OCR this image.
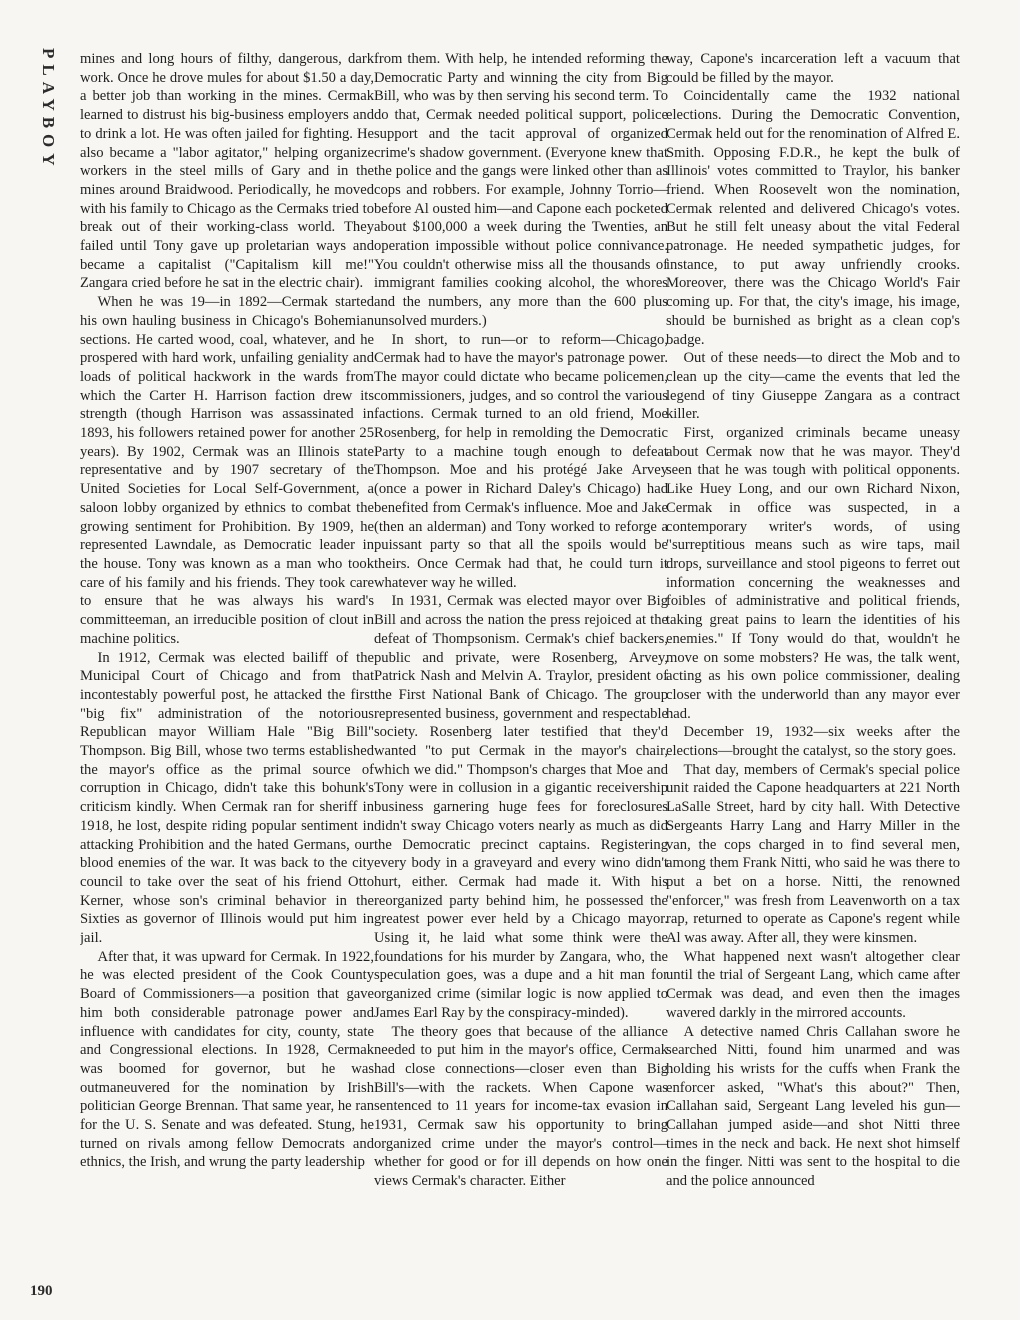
PLAYBOY mines and long hours of filthy, dangerous, dark work. Once he drove mules for about $1.50 a day, a better job than working in the mines. Cermak learned to distrust his big-business employers and to drink a lot. He was often jailed for fighting. He also became a "labor agitator," helping organize workers in the steel mills of Gary and in the mines around Braidwood. Periodically, he moved with his family to Chicago as the Cermaks tried to break out of their working-class world. They failed until Tony gave up proletarian ways and became a capitalist ("Capitalism kill me!" Zangara cried before he sat in the electric chair).

When he was 19—in 1892—Cermak started his own hauling business in Chicago's Bohemian sections. He carted wood, coal, whatever, and he prospered with hard work, unfailing geniality and loads of political hackwork in the wards from which the Carter H. Harrison faction drew its strength (though Harrison was assassinated in 1893, his followers retained power for another 25 years). By 1902, Cermak was an Illinois state representative and by 1907 secretary of the United Societies for Local Self-Government, a saloon lobby organized by ethnics to combat the growing sentiment for Prohibition. By 1909, he represented Lawndale, as Democratic leader in the house. Tony was known as a man who took care of his family and his friends. They took care to ensure that he was always his ward's committeeman, an irreducible position of clout in machine politics.

In 1912, Cermak was elected bailiff of the Municipal Court of Chicago and from that incontestably powerful post, he attacked the first "big fix" administration of the notorious Republican mayor William Hale "Big Bill" Thompson. Big Bill, whose two terms established the mayor's office as the primal source of corruption in Chicago, didn't take this bohunk's criticism kindly. When Cermak ran for sheriff in 1918, he lost, despite riding popular sentiment in attacking Prohibition and the hated Germans, our blood enemies of the war. It was back to the city council to take over the seat of his friend Otto Kerner, whose son's criminal behavior in the Sixties as governor of Illinois would put him in jail.

After that, it was upward for Cermak. In 1922, he was elected president of the Cook County Board of Commissioners—a position that gave him both considerable patronage power and influence with candidates for city, county, state and Congressional elections. In 1928, Cermak was boomed for governor, but he was outmaneuvered for the nomination by Irish politician George Brennan. That same year, he ran for the U. S. Senate and was defeated. Stung, he turned on rivals among fellow Democrats and ethnics, the Irish, and wrung the party leadership

from them. With help, he intended reforming the Democratic Party and winning the city from Big Bill, who was by then serving his second term. To do that, Cermak needed political support, police support and the tacit approval of organized crime's shadow government. (Everyone knew that the police and the gangs were linked other than as cops and robbers. For example, Johnny Torrio—before Al ousted him—and Capone each pocketed about $100,000 a week during the Twenties, an operation impossible without police connivance. You couldn't otherwise miss all the thousands of immigrant families cooking alcohol, the whores and the numbers, any more than the 600 plus unsolved murders.)

In short, to run—or to reform—Chicago, Cermak had to have the mayor's patronage power. The mayor could dictate who became policemen, commissioners, judges, and so control the various factions. Cermak turned to an old friend, Moe Rosenberg, for help in remolding the Democratic Party to a machine tough enough to defeat Thompson. Moe and his protégé Jake Arvey (once a power in Richard Daley's Chicago) had benefited from Cermak's influence. Moe and Jake (then an alderman) and Tony worked to reforge a puissant party so that all the spoils would be theirs. Once Cermak had that, he could turn it whatever way he willed.

In 1931, Cermak was elected mayor over Big Bill and across the nation the press rejoiced at the defeat of Thompsonism. Cermak's chief backers, public and private, were Rosenberg, Arvey, Patrick Nash and Melvin A. Traylor, president of the First National Bank of Chicago. The group represented business, government and respectable society. Rosenberg later testified that they'd wanted "to put Cermak in the mayor's chair, which we did." Thompson's charges that Moe and Tony were in collusion in a gigantic receivership business garnering huge fees for foreclosures didn't sway Chicago voters nearly as much as did the Democratic precinct captains. Registering every body in a graveyard and every wino didn't hurt, either. Cermak had made it. With his reorganized party behind him, he possessed the greatest power ever held by a Chicago mayor. Using it, he laid what some think were the foundations for his murder by Zangara, who, the speculation goes, was a dupe and a hit man for organized crime (similar logic is now applied to James Earl Ray by the conspiracy-minded).

The theory goes that because of the alliance needed to put him in the mayor's office, Cermak had close connections—closer even than Big Bill's—with the rackets. When Capone was sentenced to 11 years for income-tax evasion in 1931, Cermak saw his opportunity to bring organized crime under the mayor's control—whether for good or for ill depends on how one views Cermak's character. Either

way, Capone's incarceration left a vacuum that could be filled by the mayor.

Coincidentally came the 1932 national elections. During the Democratic Convention, Cermak held out for the renomination of Alfred E. Smith. Opposing F.D.R., he kept the bulk of Illinois' votes committed to Traylor, his banker friend. When Roosevelt won the nomination, Cermak relented and delivered Chicago's votes. But he still felt uneasy about the vital Federal patronage. He needed sympathetic judges, for instance, to put away unfriendly crooks. Moreover, there was the Chicago World's Fair coming up. For that, the city's image, his image, should be burnished as bright as a clean cop's badge.

Out of these needs—to direct the Mob and to clean up the city—came the events that led the legend of tiny Giuseppe Zangara as a contract killer.

First, organized criminals became uneasy about Cermak now that he was mayor. They'd seen that he was tough with political opponents. Like Huey Long, and our own Richard Nixon, Cermak in office was suspected, in a contemporary writer's words, of using "surreptitious means such as wire taps, mail drops, surveillance and stool pigeons to ferret out information concerning the weaknesses and foibles of administrative and political friends, taking great pains to learn the identities of his enemies." If Tony would do that, wouldn't he move on some mobsters? He was, the talk went, acting as his own police commissioner, dealing closer with the underworld than any mayor ever had.

December 19, 1932—six weeks after the elections—brought the catalyst, so the story goes.

That day, members of Cermak's special police unit raided the Capone headquarters at 221 North LaSalle Street, hard by city hall. With Detective Sergeants Harry Lang and Harry Miller in the van, the cops charged in to find several men, among them Frank Nitti, who said he was there to put a bet on a horse. Nitti, the renowned "enforcer," was fresh from Leavenworth on a tax rap, returned to operate as Capone's regent while Al was away. After all, they were kinsmen.

What happened next wasn't altogether clear until the trial of Sergeant Lang, which came after Cermak was dead, and even then the images wavered darkly in the mirrored accounts.

A detective named Chris Callahan swore he searched Nitti, found him unarmed and was holding his wrists for the cuffs when Frank the enforcer asked, "What's this about?" Then, Callahan said, Sergeant Lang leveled his gun—Callahan jumped aside—and shot Nitti three times in the neck and back. He next shot himself in the finger. Nitti was sent to the hospital to die and the police announced

190
